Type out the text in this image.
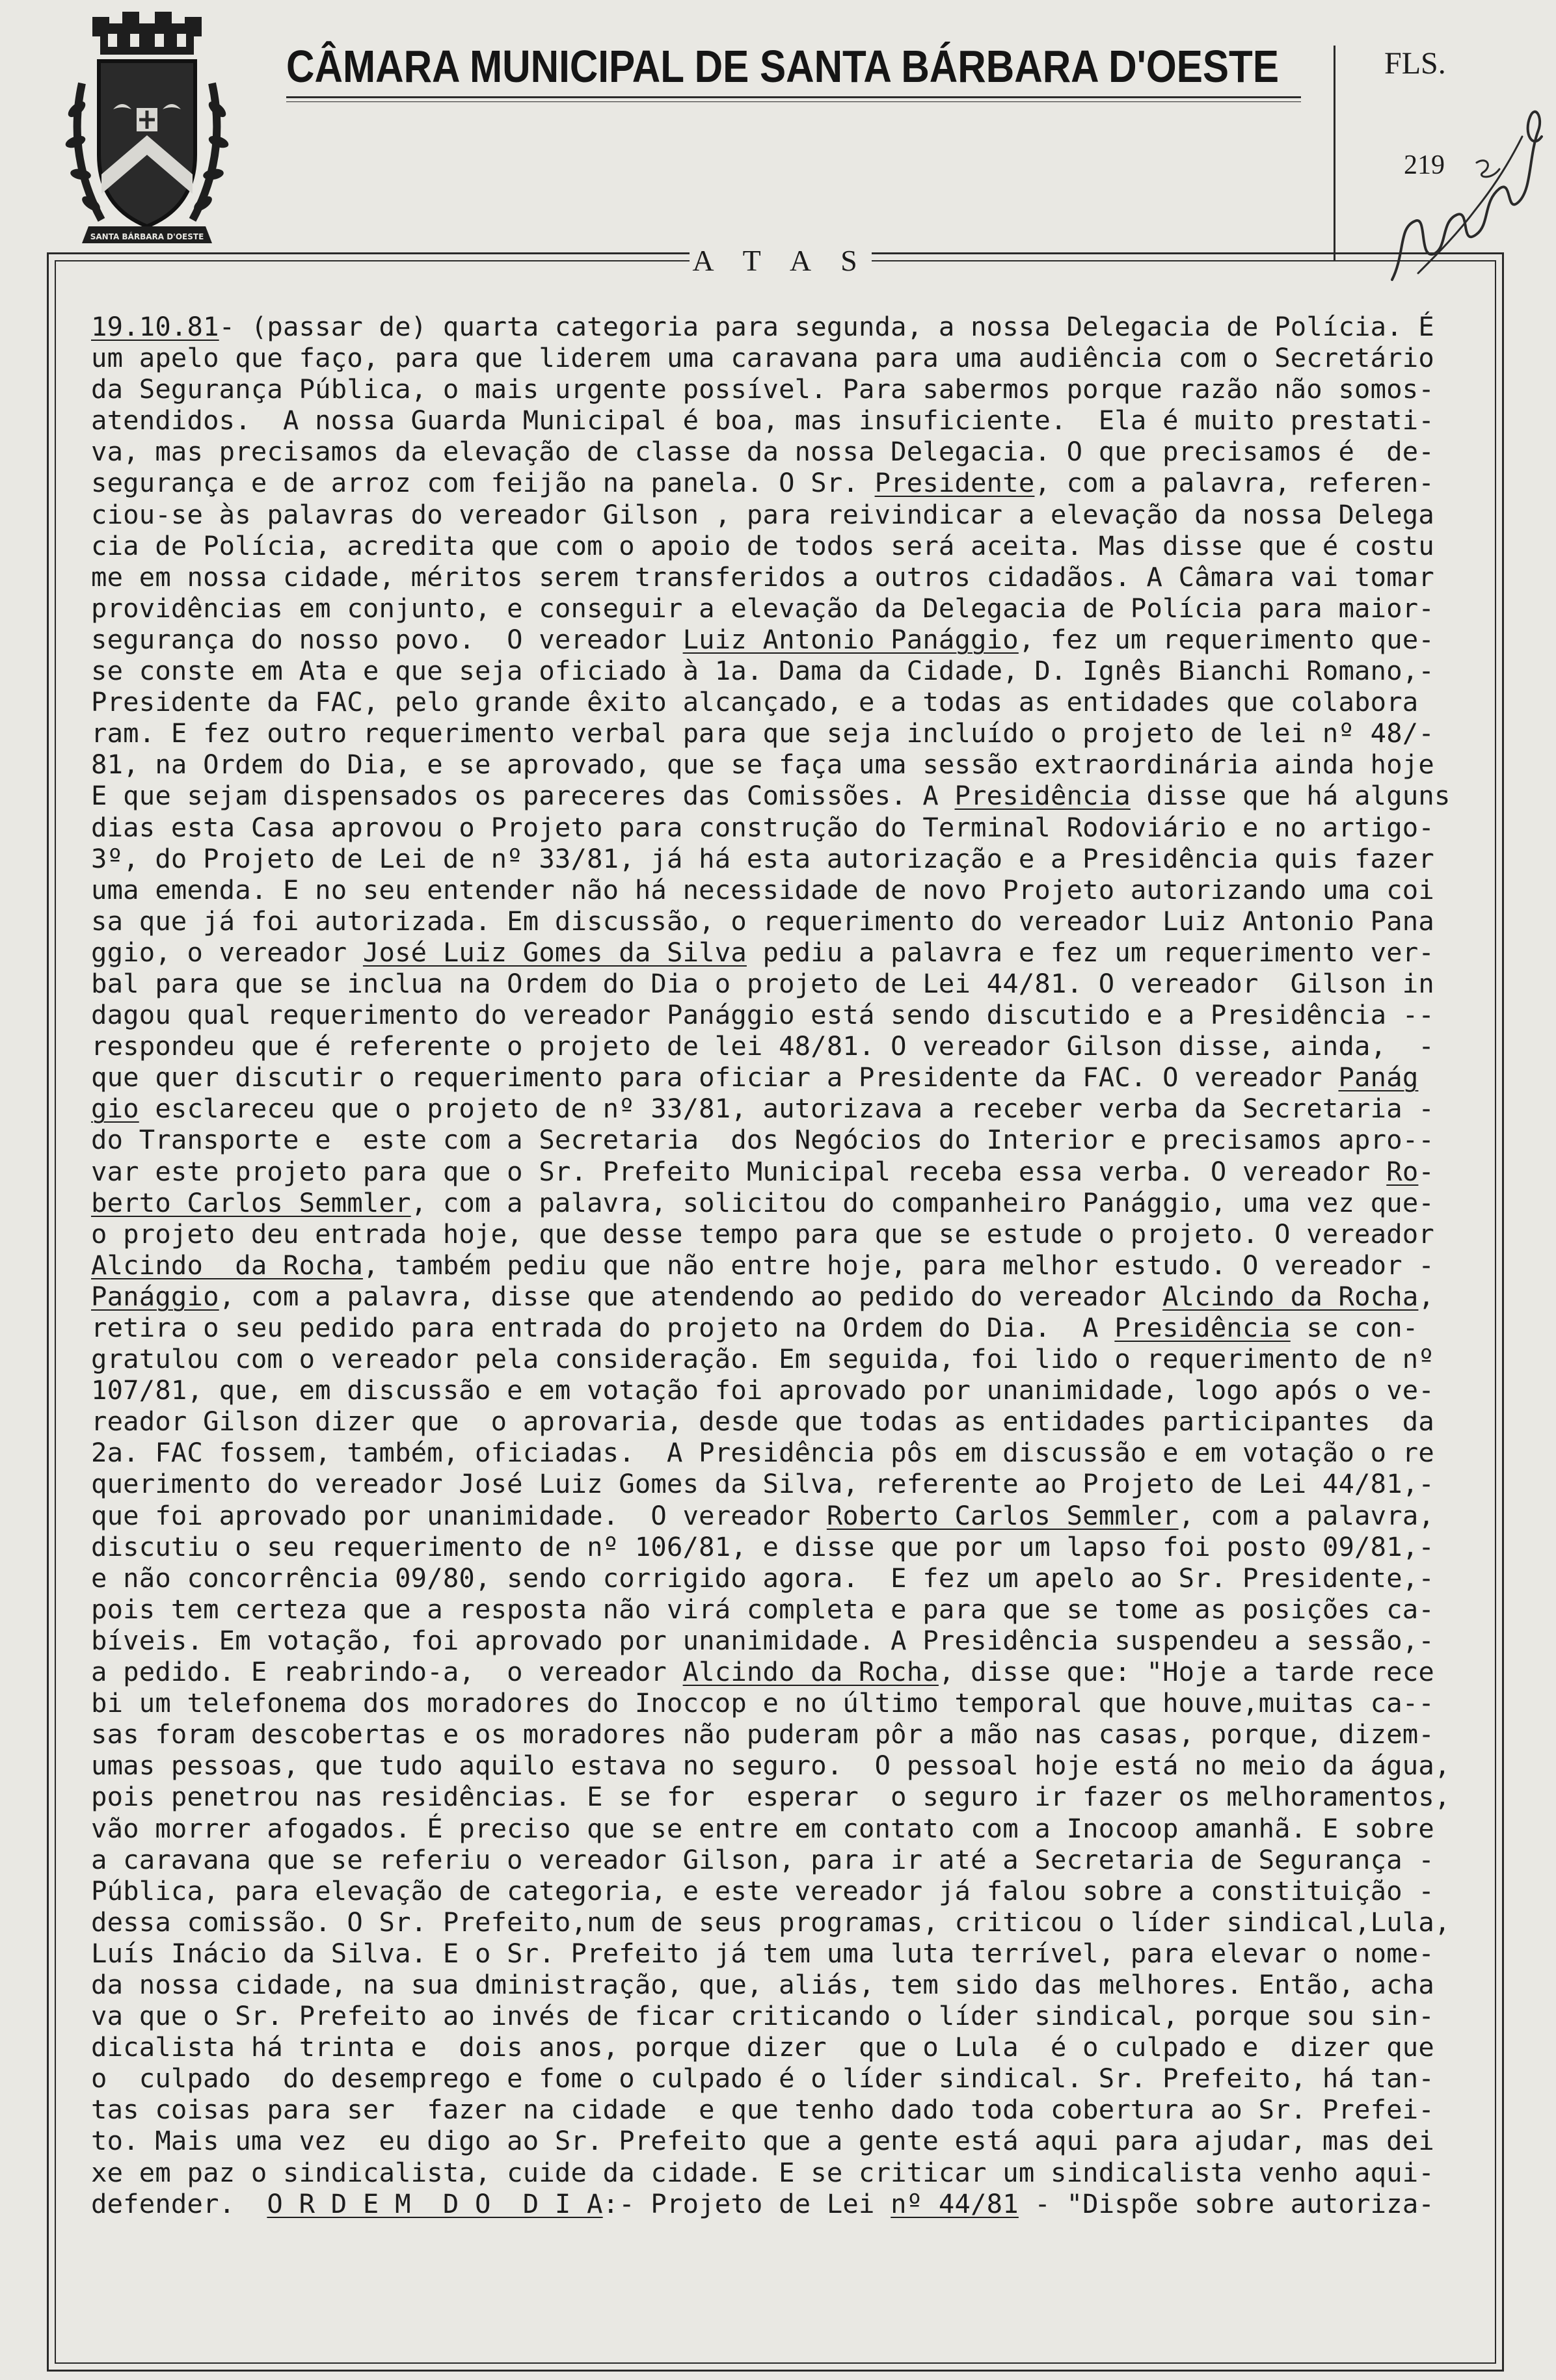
SANTA BÁRBARA D'OESTE
CÂMARA MUNICIPAL DE SANTA BÁRBARA D'OESTE	FLS.
219
A T A S
19.10.81- (passar de) quarta categoria para segunda, a nossa Delegacia de Polícia. É
um apelo que faço, para que liderem uma caravana para uma audiência com o Secretário
da Segurança Pública, o mais urgente possível. Para sabermos porque razão não somos-
atendidos.  A nossa Guarda Municipal é boa, mas insuficiente.  Ela é muito prestati-
va, mas precisamos da elevação de classe da nossa Delegacia. O que precisamos é  de-
segurança e de arroz com feijão na panela. O Sr. Presidente, com a palavra, referen-
ciou-se às palavras do vereador Gilson , para reivindicar a elevação da nossa Delega
cia de Polícia, acredita que com o apoio de todos será aceita. Mas disse que é costu
me em nossa cidade, méritos serem transferidos a outros cidadãos. A Câmara vai tomar
providências em conjunto, e conseguir a elevação da Delegacia de Polícia para maior-
segurança do nosso povo.  O vereador Luiz Antonio Panággio, fez um requerimento que-
se conste em Ata e que seja oficiado à 1a. Dama da Cidade, D. Ignês Bianchi Romano,-
Presidente da FAC, pelo grande êxito alcançado, e a todas as entidades que colabora
ram. E fez outro requerimento verbal para que seja incluído o projeto de lei nº 48/-
81, na Ordem do Dia, e se aprovado, que se faça uma sessão extraordinária ainda hoje
E que sejam dispensados os pareceres das Comissões. A Presidência disse que há alguns
dias esta Casa aprovou o Projeto para construção do Terminal Rodoviário e no artigo-
3º, do Projeto de Lei de nº 33/81, já há esta autorização e a Presidência quis fazer
uma emenda. E no seu entender não há necessidade de novo Projeto autorizando uma coi
sa que já foi autorizada. Em discussão, o requerimento do vereador Luiz Antonio Pana
ggio, o vereador José Luiz Gomes da Silva pediu a palavra e fez um requerimento ver-
bal para que se inclua na Ordem do Dia o projeto de Lei 44/81. O vereador  Gilson in
dagou qual requerimento do vereador Panággio está sendo discutido e a Presidência --
respondeu que é referente o projeto de lei 48/81. O vereador Gilson disse, ainda,  -
que quer discutir o requerimento para oficiar a Presidente da FAC. O vereador Panág
gio esclareceu que o projeto de nº 33/81, autorizava a receber verba da Secretaria -
do Transporte e  este com a Secretaria  dos Negócios do Interior e precisamos apro--
var este projeto para que o Sr. Prefeito Municipal receba essa verba. O vereador Ro-
berto Carlos Semmler, com a palavra, solicitou do companheiro Panággio, uma vez que-
o projeto deu entrada hoje, que desse tempo para que se estude o projeto. O vereador
Alcindo  da Rocha, também pediu que não entre hoje, para melhor estudo. O vereador -
Panággio, com a palavra, disse que atendendo ao pedido do vereador Alcindo da Rocha,
retira o seu pedido para entrada do projeto na Ordem do Dia.  A Presidência se con-
gratulou com o vereador pela consideração. Em seguida, foi lido o requerimento de nº
107/81, que, em discussão e em votação foi aprovado por unanimidade, logo após o ve-
reador Gilson dizer que  o aprovaria, desde que todas as entidades participantes  da
2a. FAC fossem, também, oficiadas.  A Presidência pôs em discussão e em votação o re
querimento do vereador José Luiz Gomes da Silva, referente ao Projeto de Lei 44/81,-
que foi aprovado por unanimidade.  O vereador Roberto Carlos Semmler, com a palavra,
discutiu o seu requerimento de nº 106/81, e disse que por um lapso foi posto 09/81,-
e não concorrência 09/80, sendo corrigido agora.  E fez um apelo ao Sr. Presidente,-
pois tem certeza que a resposta não virá completa e para que se tome as posições ca-
bíveis. Em votação, foi aprovado por unanimidade. A Presidência suspendeu a sessão,-
a pedido. E reabrindo-a,  o vereador Alcindo da Rocha, disse que: "Hoje a tarde rece
bi um telefonema dos moradores do Inoccop e no último temporal que houve,muitas ca--
sas foram descobertas e os moradores não puderam pôr a mão nas casas, porque, dizem-
umas pessoas, que tudo aquilo estava no seguro.  O pessoal hoje está no meio da água,
pois penetrou nas residências. E se for  esperar  o seguro ir fazer os melhoramentos,
vão morrer afogados. É preciso que se entre em contato com a Inocoop amanhã. E sobre
a caravana que se referiu o vereador Gilson, para ir até a Secretaria de Segurança -
Pública, para elevação de categoria, e este vereador já falou sobre a constituição -
dessa comissão. O Sr. Prefeito,num de seus programas, criticou o líder sindical,Lula,
Luís Inácio da Silva. E o Sr. Prefeito já tem uma luta terrível, para elevar o nome-
da nossa cidade, na sua dministração, que, aliás, tem sido das melhores. Então, acha
va que o Sr. Prefeito ao invés de ficar criticando o líder sindical, porque sou sin-
dicalista há trinta e  dois anos, porque dizer  que o Lula  é o culpado e  dizer que
o  culpado  do desemprego e fome o culpado é o líder sindical. Sr. Prefeito, há tan-
tas coisas para ser  fazer na cidade  e que tenho dado toda cobertura ao Sr. Prefei-
to. Mais uma vez  eu digo ao Sr. Prefeito que a gente está aqui para ajudar, mas dei
xe em paz o sindicalista, cuide da cidade. E se criticar um sindicalista venho aqui-
defender.  O R D E M  D O  D I A:- Projeto de Lei nº 44/81 - "Dispõe sobre autoriza-
